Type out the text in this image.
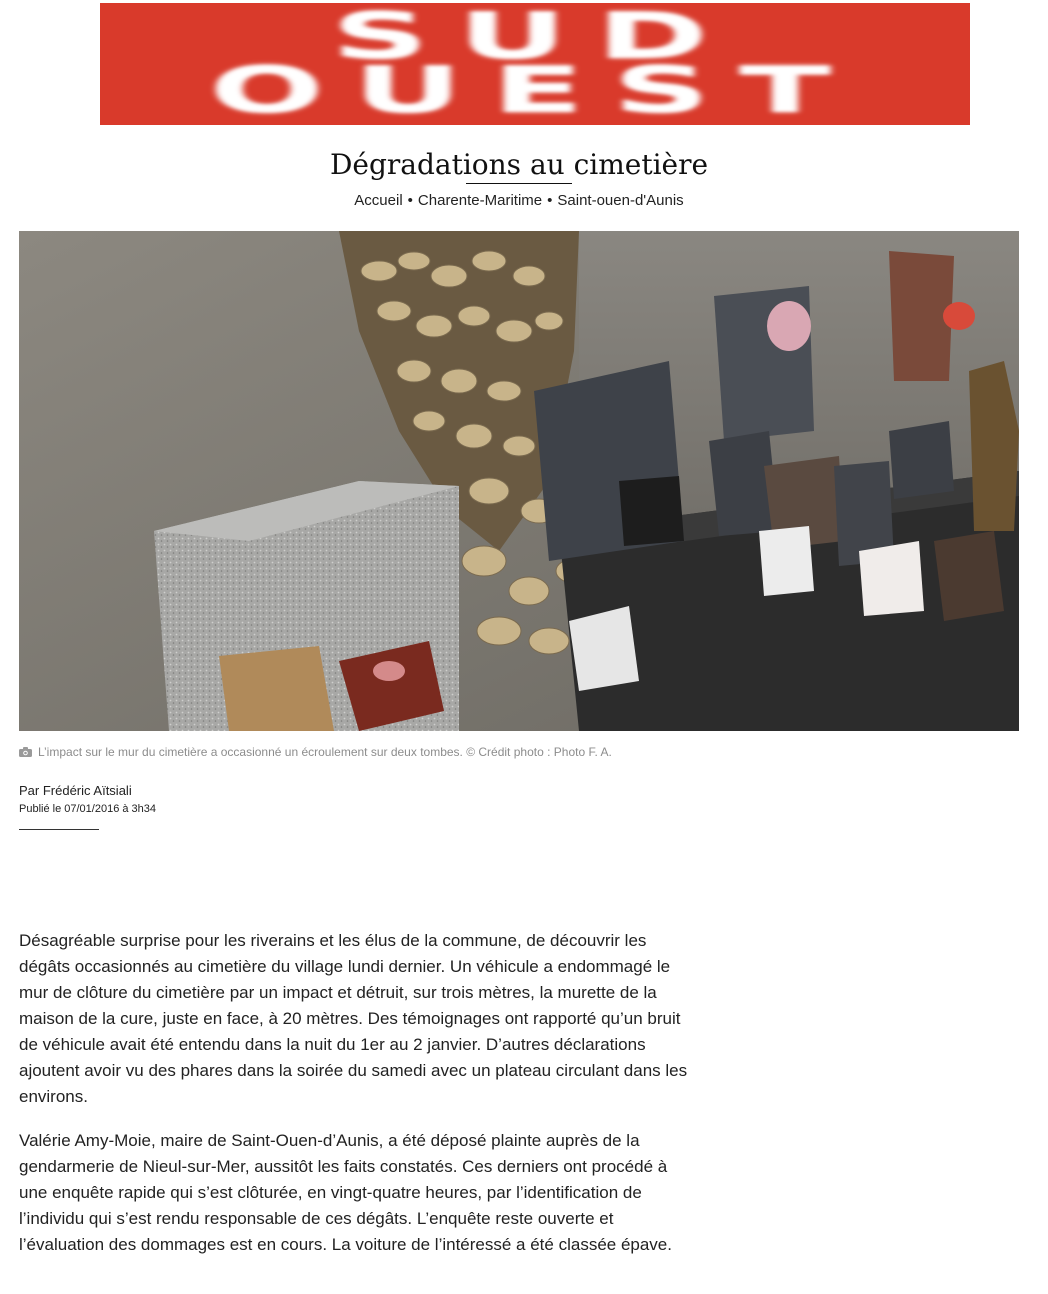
SUD
OUEST
Dégradations au cimetière
Accueil • Charente-Maritime • Saint-ouen-d'Aunis
L’impact sur le mur du cimetière a occasionné un écroulement sur deux tombes. © Crédit photo : Photo F. A.
Par Frédéric Aïtsiali
Publié le 07/01/2016 à 3h34

Désagréable surprise pour les riverains et les élus de la commune, de découvrir les dégâts occasionnés au cimetière du village lundi dernier. Un véhicule a endommagé le mur de clôture du cimetière par un impact et détruit, sur trois mètres, la murette de la maison de la cure, juste en face, à 20 mètres. Des témoignages ont rapporté qu’un bruit de véhicule avait été entendu dans la nuit du 1er au 2 janvier. D’autres déclarations ajoutent avoir vu des phares dans la soirée du samedi avec un plateau circulant dans les environs.

Valérie Amy-Moie, maire de Saint-Ouen-d’Aunis, a été déposé plainte auprès de la gendarmerie de Nieul-sur-Mer, aussitôt les faits constatés. Ces derniers ont procédé à une enquête rapide qui s’est clôturée, en vingt-quatre heures, par l’identification de l’individu qui s’est rendu responsable de ces dégâts. L’enquête reste ouverte et l’évaluation des dommages est en cours. La voiture de l’intéressé a été classée épave.
